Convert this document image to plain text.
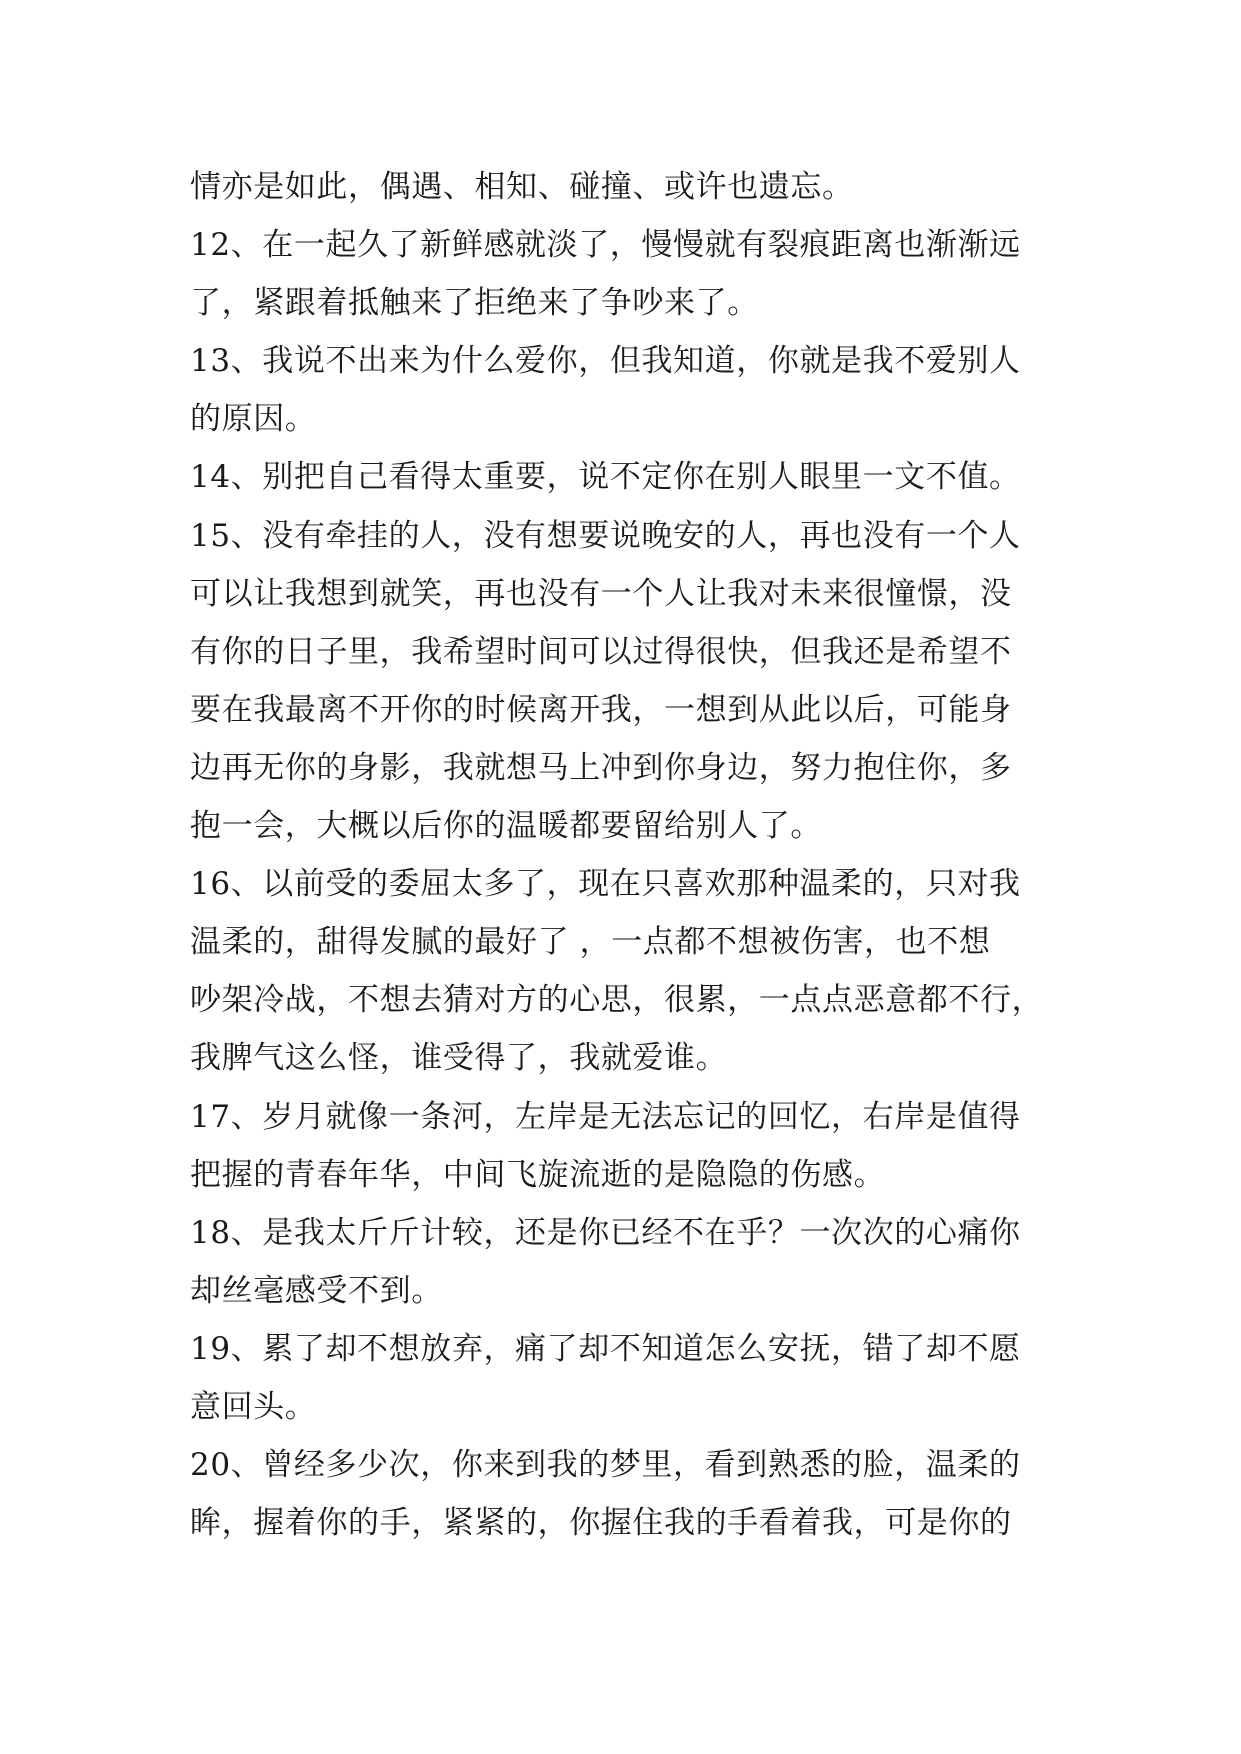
情亦是如此，偶遇、相知、碰撞、或许也遗忘。
12、在一起久了新鲜感就淡了，慢慢就有裂痕距离也渐渐远
了，紧跟着抵触来了拒绝来了争吵来了。
13、我说不出来为什么爱你，但我知道，你就是我不爱别人
的原因。
14、别把自己看得太重要，说不定你在别人眼里一文不值。
15、没有牵挂的人，没有想要说晚安的人，再也没有一个人
可以让我想到就笑，再也没有一个人让我对未来很憧憬，没
有你的日子里，我希望时间可以过得很快，但我还是希望不
要在我最离不开你的时候离开我，一想到从此以后，可能身
边再无你的身影，我就想马上冲到你身边，努力抱住你，多
抱一会，大概以后你的温暖都要留给别人了。
16、以前受的委屈太多了，现在只喜欢那种温柔的，只对我
温柔的，甜得发腻的最好了 ，一点都不想被伤害，也不想
吵架冷战，不想去猜对方的心思，很累，一点点恶意都不行，
我脾气这么怪，谁受得了，我就爱谁。
17、岁月就像一条河，左岸是无法忘记的回忆，右岸是值得
把握的青春年华，中间飞旋流逝的是隐隐的伤感。
18、是我太斤斤计较，还是你已经不在乎？一次次的心痛你
却丝毫感受不到。
19、累了却不想放弃，痛了却不知道怎么安抚，错了却不愿
意回头。
20、曾经多少次，你来到我的梦里，看到熟悉的脸，温柔的
眸，握着你的手，紧紧的，你握住我的手看着我，可是你的
